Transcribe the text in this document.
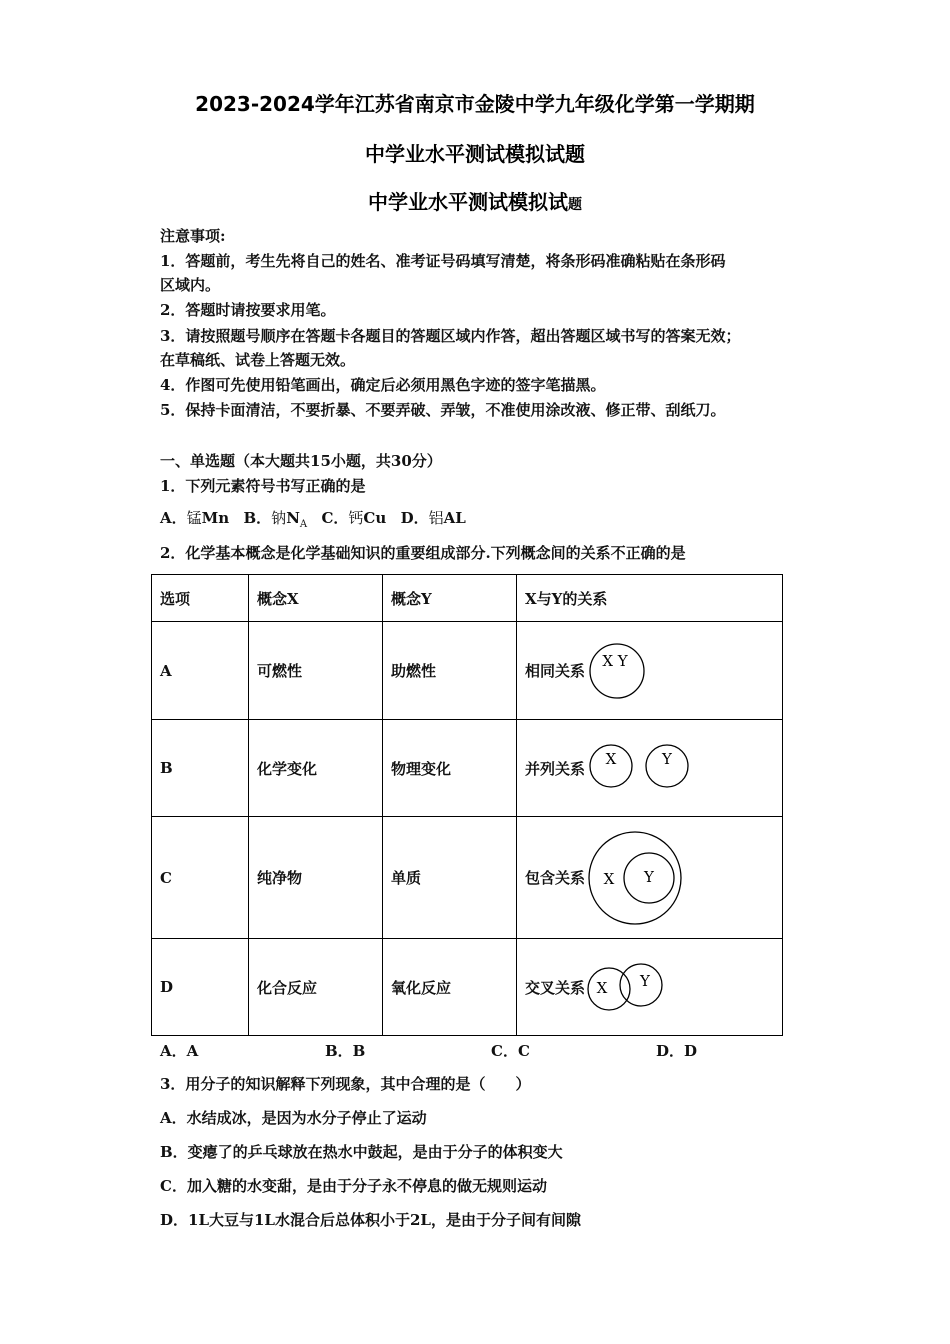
2023-2024学年江苏省南京市金陵中学九年级化学第一学期期
中学业水平测试模拟试题
中学业水平测试模拟试题
注意事项:
1．答题前，考生先将自己的姓名、准考证号码填写清楚，将条形码准确粘贴在条形码
区域内。
2．答题时请按要求用笔。
3．请按照题号顺序在答题卡各题目的答题区域内作答，超出答题区域书写的答案无效；
在草稿纸、试卷上答题无效。
4．作图可先使用铅笔画出，确定后必须用黑色字迹的签字笔描黑。
5．保持卡面清洁，不要折暴、不要弄破、弄皱，不准使用涂改液、修正带、刮纸刀。
一、单选题（本大题共15小题，共30分）
1．下列元素符号书写正确的是
A．锰Mn B．钠$N_A$ C．钙Cu D．铝AL
2．化学基本概念是化学基础知识的重要组成部分.下列概念间的关系不正确的是
选项	概念X	概念Y	X与Y的关系
A	可燃性	助燃性	相同关系
X Y

B	化学变化	物理变化	并列关系
X Y

C	纯净物	单质	包含关系 X Y

D	化合反应	氧化反应	交叉关系 X Y
A．A	B．B	C．C	D．D
3．用分子的知识解释下列现象，其中合理的是（　　）
A．水结成冰，是因为水分子停止了运动
B．变瘪了的乒乓球放在热水中鼓起，是由于分子的体积变大
C．加入糖的水变甜，是由于分子永不停息的做无规则运动
D．1L大豆与1L水混合后总体积小于2L，是由于分子间有间隙
